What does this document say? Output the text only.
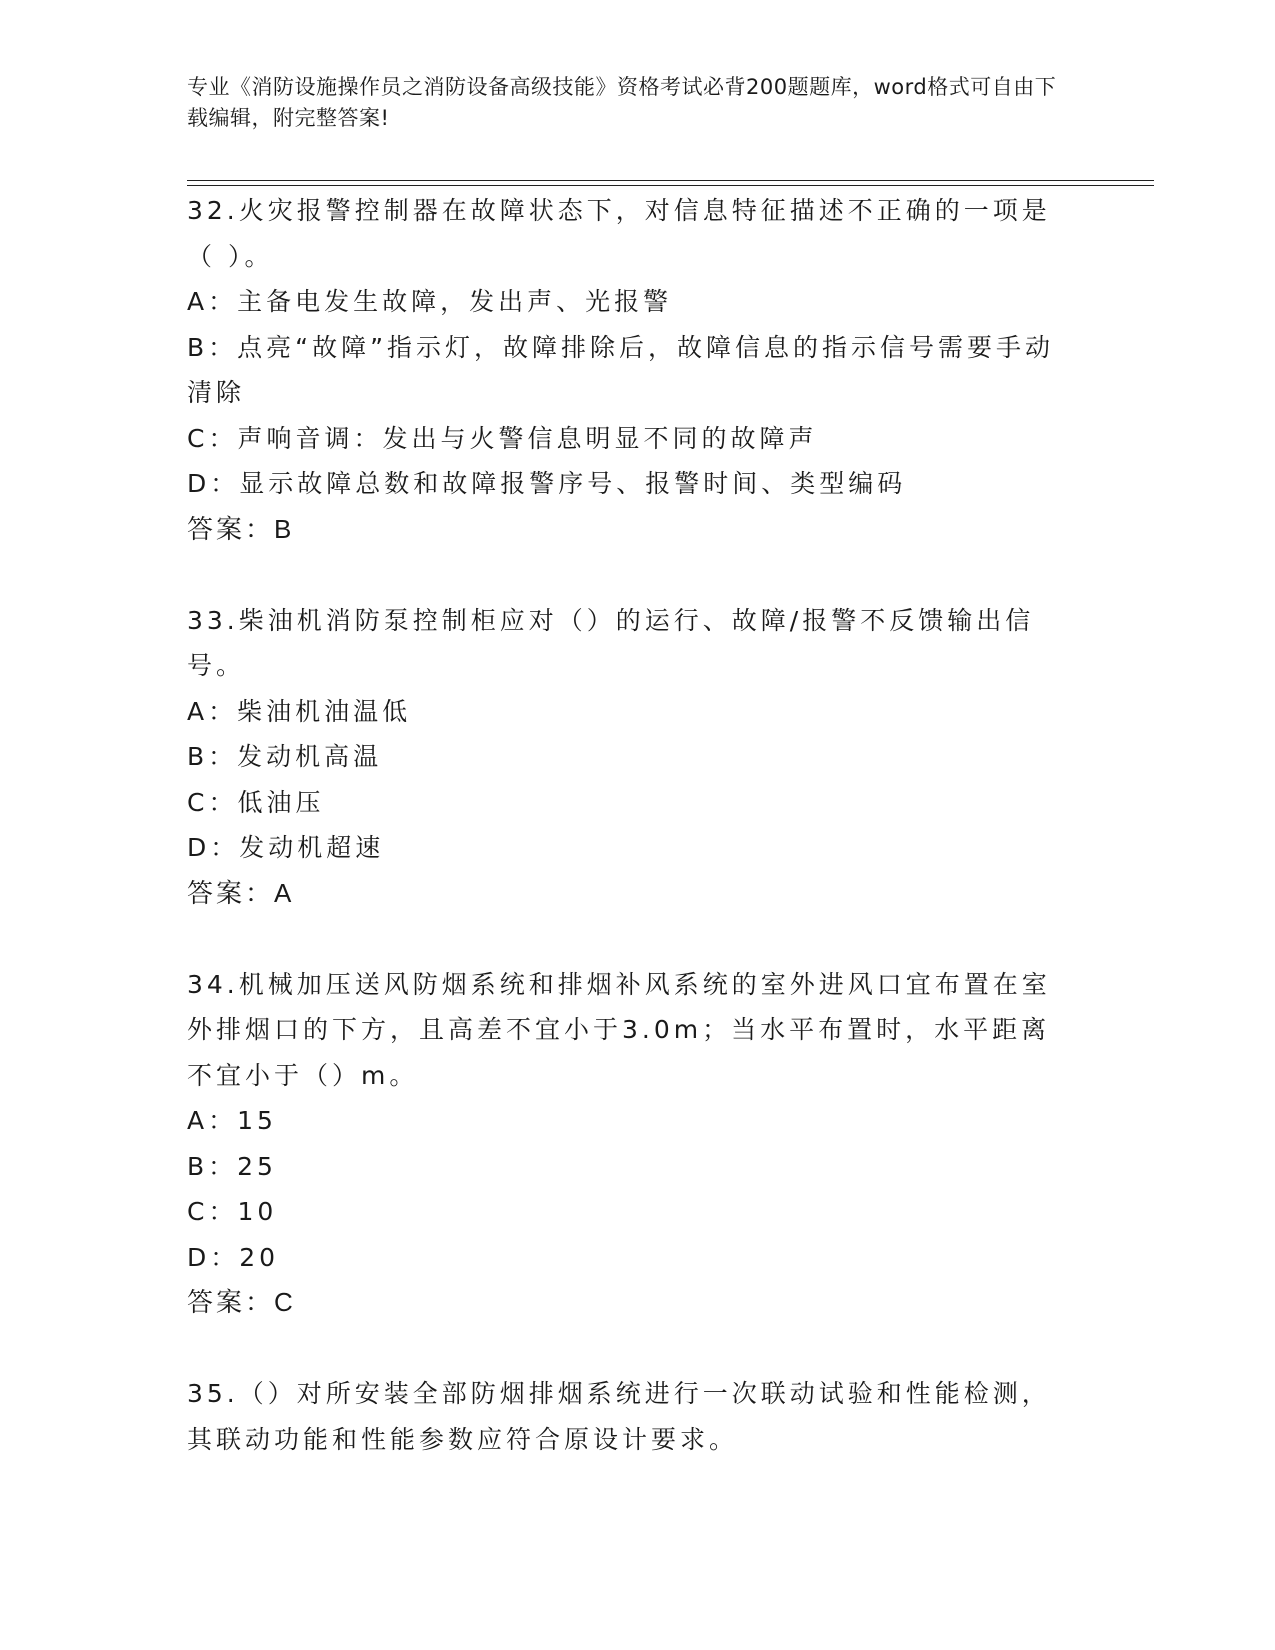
专业《消防设施操作员之消防设备高级技能》资格考试必背200题题库，word格式可自由下载编辑，附完整答案!

32.火灾报警控制器在故障状态下，对信息特征描述不正确的一项是（ ）。

A：主备电发生故障，发出声、光报警

B：点亮“故障”指示灯，故障排除后，故障信息的指示信号需要手动清除

C：声响音调：发出与火警信息明显不同的故障声

D：显示故障总数和故障报警序号、报警时间、类型编码

答案：B

33.柴油机消防泵控制柜应对（）的运行、故障/报警不反馈输出信号。

A：柴油机油温低

B：发动机高温

C：低油压

D：发动机超速

答案：A

34.机械加压送风防烟系统和排烟补风系统的室外进风口宜布置在室外排烟口的下方，且高差不宜小于3.0m；当水平布置时，水平距离不宜小于（）m。

A：15

B：25

C：10

D：20

答案：C

35.（）对所安装全部防烟排烟系统进行一次联动试验和性能检测，其联动功能和性能参数应符合原设计要求。
